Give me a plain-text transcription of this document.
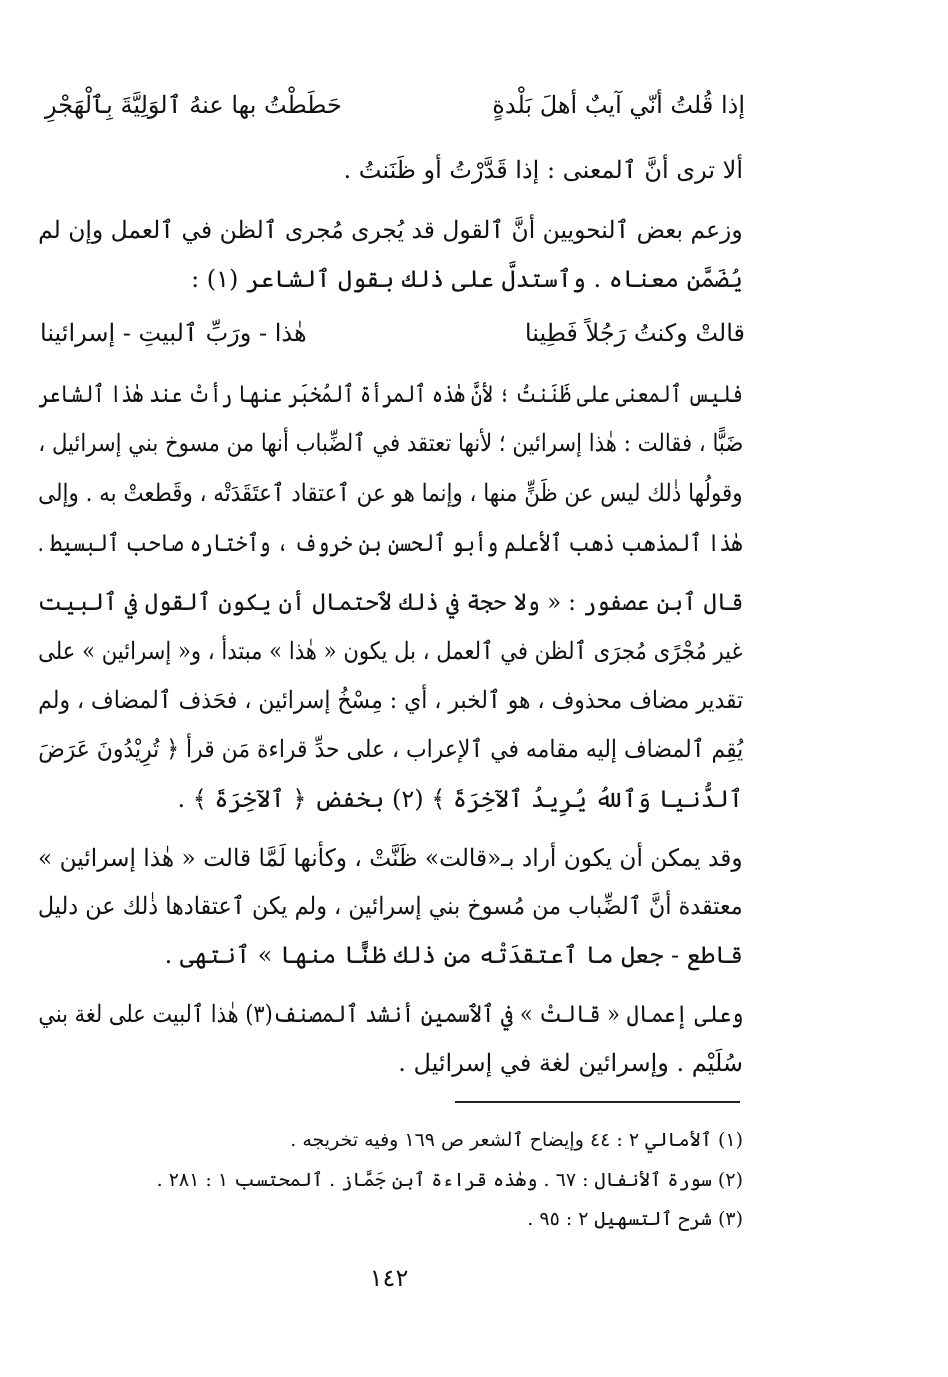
إذا قُلتُ أنّي آيبٌ أهلَ بَلْدةٍ
حَطَطْتُ بها عنهُ ٱلوَلِيَّةَ بِٱلْهَجْرِ
ألا ترى أنَّ ٱلمعنى : إذا قَدَّرْتُ أو ظَنَنتُ .
وزعم بعض ٱلنحويين أنَّ ٱلقول قد يُجرى مُجرى ٱلظن في ٱلعمل وإن لم
يُضَمَّن معناه . وٱستدلَّ على ذٰلك بقول ٱلشاعر (١) :
قالتْ وكنتُ رَجُلاً فَطِينا
هٰذا - ورَبِّ ٱلبيتِ - إسرائينا
فليس ٱلمعنى على ظَنَنتُ ؛ لأنَّ هٰذه ٱلمرأة ٱلمُخبَر عنها رأتْ عند هٰذا ٱلشاعر
ضَبًّا ، فقالت : هٰذا إسرائين ؛ لأنها تعتقد في ٱلضِّباب أنها من مسوخ بني إسرائيل ،
وقولُها ذٰلك ليس عن ظَنٍّ منها ، وإنما هو عن ٱعتقاد ٱعتَقَدَتْه ، وقَطعتْ به . وإلى
هٰذا ٱلمذهب ذهب ٱلأعلم وأبو ٱلحسن بن خروف ، وٱختاره صاحب ٱلبسيط .
قال ٱبن عصفور : « ولا حجة في ذٰلك لٱحتمال أن يكون ٱلقول في ٱلبيت
غير مُجْرًى مُجرَى ٱلظن في ٱلعمل ، بل يكون « هٰذا » مبتدأ ، و« إسرائين » على
تقدير مضاف محذوف ، هو ٱلخبر ، أي : مِسْخُ إسرائين ، فحَذف ٱلمضاف ، ولم
يُقِم ٱلمضاف إليه مقامه في ٱلإعراب ، على حدِّ قراءة مَن قرأ ﴿ تُرِيْدُونَ عَرَضَ
ٱلدُّنيا وَٱللهُ يُرِيدُ ٱلآخِرَةَ ﴾ (٢) بخفض ﴿ ٱلآخِرَةَ ﴾ .
وقد يمكن أن يكون أراد بـ«قالت» ظَنَّتْ ، وكأنها لَمَّا قالت « هٰذا إسرائين »
معتقدة أنَّ ٱلضِّباب من مُسوخ بني إسرائين ، ولم يكن ٱعتقادها ذٰلك عن دليل
قاطع - جعل ما ٱعتقدَتْه من ذٰلك ظنًّا منها » ٱنتهى .
وعلى إعمال « قالتْ » في ٱلٱسمين أنشد ٱلمصنف(٣) هٰذا ٱلبيت على لغة بني
سُلَيْم . وإسرائين لغة في إسرائيل .
(١) ٱلأمالي ٢ : ٤٤ وإيضاح ٱلشعر ص ١٦٩ وفيه تخريجه .
(٢) سورة ٱلأنفال : ٦٧ . وهٰذه قراءة ٱبن جَمَّاز . ٱلمحتسب ١ : ٢٨١ .
(٣) شرح ٱلتسهيل ٢ : ٩٥ .
١٤٢
